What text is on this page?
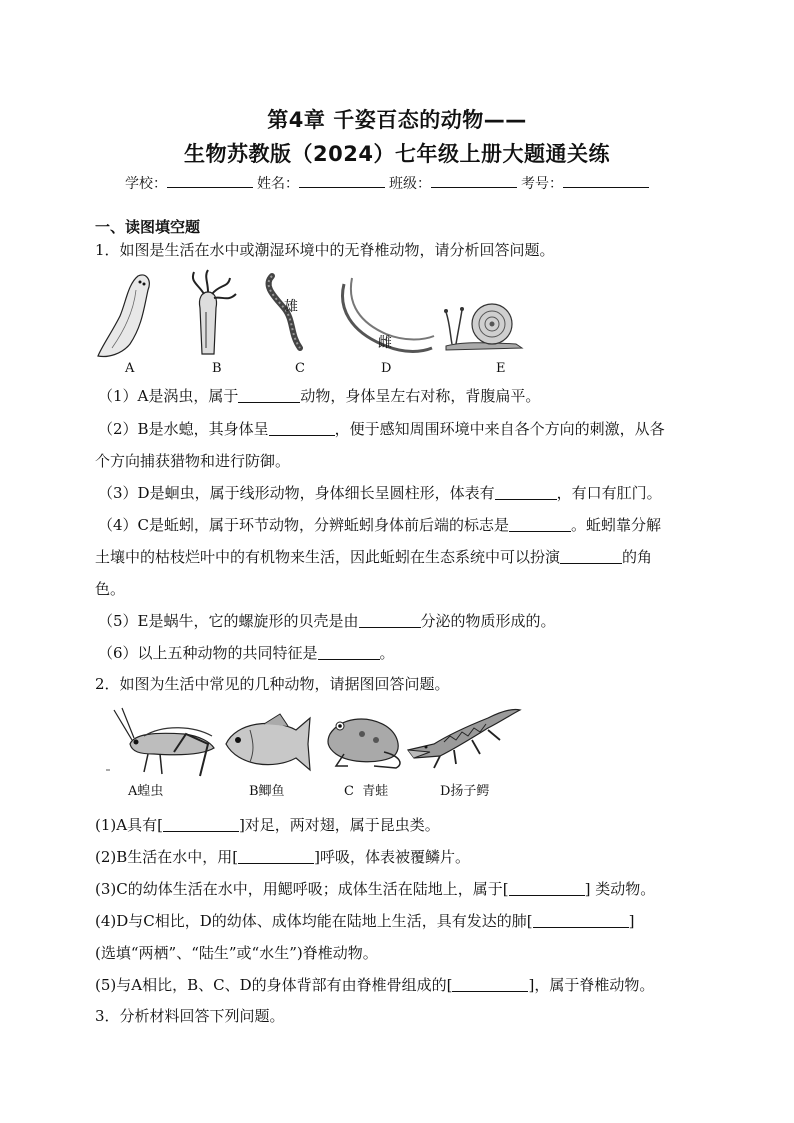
第4章 千姿百态的动物——
生物苏教版（2024）七年级上册大题通关练
学校：	姓名：	班级：	考号：
一、读图填空题
1．如图是生活在水中或潮湿环境中的无脊椎动物，请分析回答问题。
雄
雌
A	B	C	D	E
（1）A是涡虫，属于	动物，身体呈左右对称，背腹扁平。
（2）B是水螅，其身体呈	，便于感知周围环境中来自各个方向的刺激，从各
个方向捕获猎物和进行防御。
（3）D是蛔虫，属于线形动物，身体细长呈圆柱形，体表有	，有口有肛门。
（4）C是蚯蚓，属于环节动物，分辨蚯蚓身体前后端的标志是	。蚯蚓靠分解
土壤中的枯枝烂叶中的有机物来生活，因此蚯蚓在生态系统中可以扮演	的角
色。
（5）E是蜗牛，它的螺旋形的贝壳是由	分泌的物质形成的。
（6）以上五种动物的共同特征是	。
2．如图为生活中常见的几种动物，请据图回答问题。
A蝗虫	B鲫鱼	C  青蛙	D扬子鳄
(1)A具有[	]对足，两对翅，属于昆虫类。
(2)B生活在水中，用[	]呼吸，体表被覆鳞片。
(3)C的幼体生活在水中，用鳃呼吸；成体生活在陆地上，属于[	] 类动物。
(4)D与C相比，D的幼体、成体均能在陆地上生活，具有发达的肺[	]
(选填“两栖”、“陆生”或“水生”)脊椎动物。
(5)与A相比，B、C、D的身体背部有由脊椎骨组成的[	]，属于脊椎动物。
3．分析材料回答下列问题。
